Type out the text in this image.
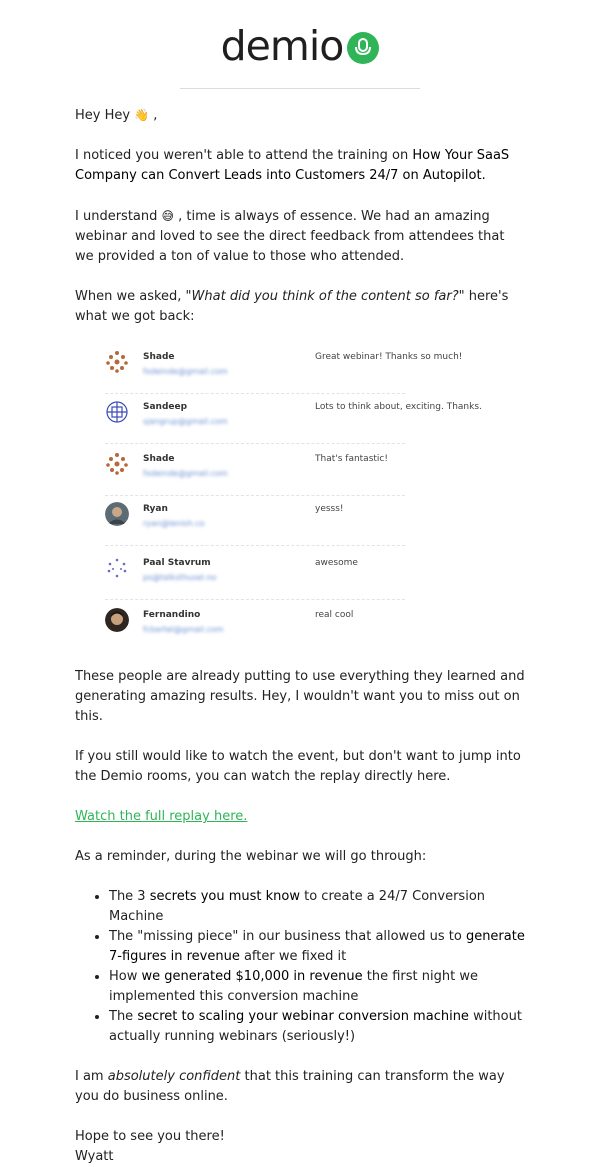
demio

Hey Hey 👋 ,

I noticed you weren't able to attend the training on How Your SaaS Company can Convert Leads into Customers 24/7 on Autopilot.

I understand 😅 , time is always of essence. We had an amazing webinar and loved to see the direct feedback from attendees that we provided a ton of value to those who attended.

When we asked, "What did you think of the content so far?" here's what we got back:

Shade
fxdeinde@gmail.com
Great webinar! Thanks so much!
Sandeep
sjangrup@gmail.com
Lots to think about, exciting. Thanks.
Shade
fxdeinde@gmail.com
That's fantastic!
Ryan
ryan@lenish.co
yesss!
Paal Stavrum
ps@talksthusel.no
awesome
Fernandino
fcbartel@gmail.com
real cool

These people are already putting to use everything they learned and generating amazing results. Hey, I wouldn't want you to miss out on this.

If you still would like to watch the event, but don't want to jump into the Demio rooms, you can watch the replay directly here.

Watch the full replay here.

As a reminder, during the webinar we will go through:

• The 3 secrets you must know to create a 24/7 Conversion Machine
• The "missing piece" in our business that allowed us to generate 7-figures in revenue after we fixed it
• How we generated $10,000 in revenue the first night we implemented this conversion machine
• The secret to scaling your webinar conversion machine without actually running webinars (seriously!)

I am absolutely confident that this training can transform the way you do business online.

Hope to see you there!
Wyatt
